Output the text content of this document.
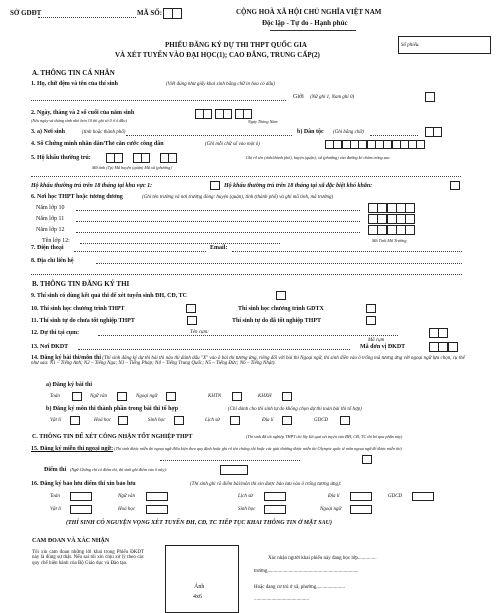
SỞ GDĐT	MÃ SỐ:	CỘNG HOÀ XÃ HỘI CHỦ NGHĨA VIỆT NAM
Độc lập - Tự do - Hạnh phúc
Số phiếu.
PHIẾU ĐĂNG KÝ DỰ THI THPT QUỐC GIA
VÀ XÉT TUYỂN VÀO ĐẠI HỌC(1); CAO ĐẲNG, TRUNG CẤP(2)
A. THÔNG TIN CÁ NHÂN
1. Họ, chữ đệm và tên của thí sinh	(Viết đúng như giấy khai sinh bằng chữ in hoa có dấu)
Giới (Nữ ghi 1, Nam ghi 0)
2. Ngày, tháng và 2 số cuối của năm sinh
(Nếu ngày và tháng sinh nhỏ hơn 10 thì ghi số 0 ở ô đầu)	Ngày Tháng Năm
3. a) Nơi sinh	(tỉnh hoặc thành phố)	b) Dân tộc (Ghi bằng chữ)
4. Số Chứng minh nhân dân/Thẻ căn cước công dân	(Ghi mỗi chữ số vào một ô)
5. Hộ khẩu thường trú:	Ghi rõ tên (tỉnh/thành phố), huyện (quận), xã (phường) vào đường kẻ chấm trống sau
Mã tỉnh (Tp) Mã huyện (quận) Mã xã (phường)
Hộ khẩu thường trú trên 18 tháng tại khu vực 1:	Hộ khẩu thường trú trên 18 tháng tại xã đặc biệt khó khăn:
6. Nơi học THPT hoặc tương đương	(Ghi tên trường và nơi trường đóng: huyện (quận), tỉnh (thành phố) và ghi mã tỉnh, mã trường)
Năm lớp 10
Năm lớp 11
Năm lớp 12
Tên lớp 12:	Mã Tỉnh Mã Trường
7. Điện thoại	Email:
8. Địa chỉ liên hệ
B. THÔNG TIN ĐĂNG KÝ THI
9. Thí sinh có dùng kết quả thi để xét tuyển sinh ĐH, CĐ, TC
10. Thí sinh học chương trình THPT	Thí sinh học chương trình GDTX
11. Thí sinh tự do chưa tốt nghiệp THPT	Thí sinh tự do đã tốt nghiệp THPT
12. Dự thi tại cụm:	Tên cụm:
Mã cụm
13. Nơi ĐKDT	Mã đơn vị ĐKDT
14. Đăng ký bài thi/môn thi (Thí sinh đăng ký dự thi bài thi nào thì đánh dấu "X" vào ô bài thi tương ứng, riêng đối với bài thi Ngoại ngữ, thí sinh điền vào ô trống mã tương ứng với ngoại ngữ lựa chọn, cụ thể như sau: N1 – Tiếng Anh; N2 – Tiếng Nga; N3 – Tiếng Pháp; N4 – Tiếng Trung Quốc; N5 – Tiếng Đức; N6 – Tiếng Nhật).
a) Đăng ký bài thi
Toán	Ngữ văn	Ngoại ngữ	KHTN	KHXH
b) Đăng ký môn thi thành phần trong bài thi tổ hợp	(Chỉ dành cho thí sinh tự do không chọn dự thi toàn bài thi tổ hợp)
Vật lí	Hoá học	Sinh học	Lịch sử	Địa lí	GDCD
C. THÔNG TIN ĐỂ XÉT CÔNG NHẬN TỐT NGHIỆP THPT	(Thí sinh đã tốt nghiệp THPT chỉ lấy kết quả xét tuyển vào ĐH, CĐ, TC thì bỏ qua phần này)
15. Đăng ký miễn thi ngoại ngữ: (Thí sinh được miễn thi ngoại ngữ điều kiện theo quy định hoặc ghi rõ tên chứng chỉ hoặc các giải thưởng được miễn thi Olympic quốc tế môn ngoại ngữ để được miễn thi)
Điểm thi (Ngữ Chứng chỉ có điểm thi, thì sinh ghi điểm vào ô này):
16. Đăng ký bảo lưu điểm thi xin bảo lưu	(Thí sinh ghi rõ điểm bài/môn thi xin được bảo lưu vào ô trống tương ứng):
Toán	Ngữ văn	Lịch sử	Địa lí	GDCD
Vật lí	Hoá học	Sinh học	Ngoại ngữ
(THÍ SINH CÓ NGUYỆN VỌNG XÉT TUYỂN ĐH, CĐ, TC TIẾP TỤC KHAI THÔNG TIN Ở MẶT SAU)
CAM ĐOAN VÀ XÁC NHẬN
Tôi xin cam đoan những lời khai trong Phiếu ĐKDT này là đúng sự thật. Nếu sai tôi xin chịu xử lý theo các quy chế hiện hành của Bộ Giáo dục và Đào tạo.
Ảnh
4x6
Xác nhận người khai phiếu này đang học lớp...............
trường.........................................................................
Hoặc đang cư trú ở xã, phường.......................
............................................
